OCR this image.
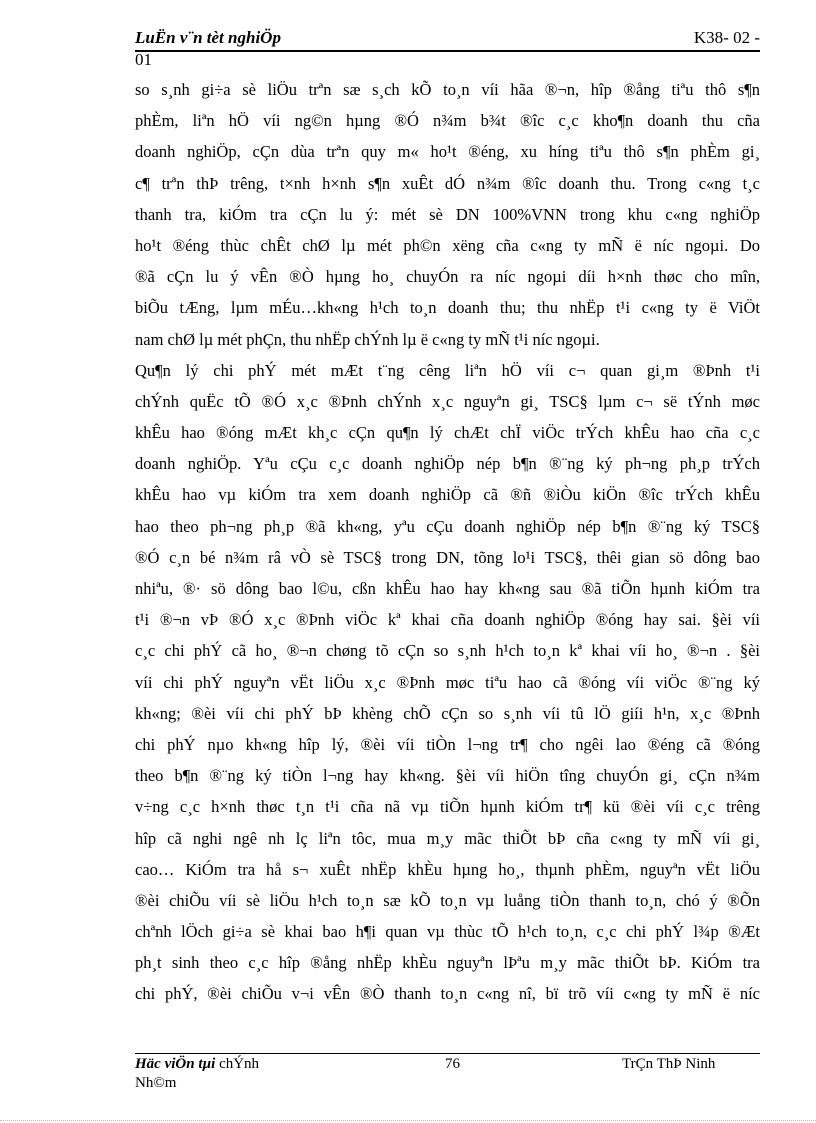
LuËn v¨n tèt nghiÖp	K38- 02 -
01
so s¸nh gi÷a sè liÖu trªn sæ s¸ch kÕ to¸n víi hãa ®¬n, hîp ®ång tiªu thô s¶n
phÈm, liªn hÖ víi ng©n hµng ®Ó n¾m b¾t ®îc c¸c kho¶n doanh thu cña
doanh nghiÖp, cÇn dùa trªn quy m« ho¹t ®éng, xu híng tiªu thô s¶n phÈm gi¸
c¶ trªn thÞ trêng, t×nh h×nh s¶n xuÊt dÓ n¾m ®îc doanh thu. Trong c«ng t¸c
thanh tra, kiÓm tra cÇn lu ý: mét sè DN 100%VNN trong khu c«ng nghiÖp
ho¹t ®éng thùc chÊt chØ lµ mét ph©n xëng cña c«ng ty mÑ ë níc ngoµi. Do
®ã cÇn lu ý vÊn ®Ò hµng ho¸ chuyÓn ra níc ngoµi díi h×nh thøc cho mîn,
biÕu tÆng, lµm mÉu…kh«ng h¹ch to¸n doanh thu; thu nhËp t¹i c«ng ty ë ViÖt
nam chØ lµ mét phÇn, thu nhËp chÝnh lµ ë c«ng ty mÑ t¹i níc ngoµi.
Qu¶n lý chi phÝ mét mÆt t¨ng cêng liªn hÖ víi c¬ quan gi¸m ®Þnh t¹i
chÝnh quËc tÕ ®Ó x¸c ®Þnh chÝnh x¸c nguyªn gi¸ TSC§ lµm c¬ së tÝnh møc
khÊu hao ®óng mÆt kh¸c cÇn qu¶n lý chÆt chÏ viÖc trÝch khÊu hao cña c¸c
doanh nghiÖp. Yªu cÇu c¸c doanh nghiÖp nép b¶n ®¨ng ký ph¬ng ph¸p trÝch
khÊu hao vµ kiÓm tra xem doanh nghiÖp cã ®ñ ®iÒu kiÖn ®îc trÝch khÊu
hao theo ph¬ng ph¸p ®ã kh«ng, yªu cÇu doanh nghiÖp nép b¶n ®¨ng ký TSC§
®Ó c¸n bé n¾m râ vÒ sè TSC§ trong DN, tõng lo¹i TSC§, thêi gian sö dông bao
nhiªu, ®· sö dông bao l©u, cßn khÊu hao hay kh«ng sau ®ã tiÕn hµnh kiÓm tra
t¹i ®¬n vÞ ®Ó x¸c ®Þnh viÖc kª khai cña doanh nghiÖp ®óng hay sai. §èi víi
c¸c chi phÝ cã ho¸ ®¬n chøng tõ cÇn so s¸nh h¹ch to¸n kª khai víi ho¸ ®¬n . §èi
víi chi phÝ nguyªn vËt liÖu x¸c ®Þnh møc tiªu hao cã ®óng víi viÖc ®¨ng ký
kh«ng; ®èi víi chi phÝ bÞ khèng chÕ cÇn so s¸nh víi tû lÖ giíi h¹n, x¸c ®Þnh
chi phÝ nµo kh«ng hîp lý, ®èi víi tiÒn l¬ng tr¶ cho ngêi lao ®éng cã ®óng
theo b¶n ®¨ng ký tiÒn l¬ng hay kh«ng. §èi víi hiÖn tîng chuyÓn gi¸ cÇn n¾m
v÷ng c¸c h×nh thøc t¸n t¹i cña nã vµ tiÕn hµnh kiÓm tr¶ kü ®èi víi c¸c trêng
hîp cã nghi ngê nh lç liªn tôc, mua m¸y mãc thiÕt bÞ cña c«ng ty mÑ víi gi¸
cao… KiÓm tra hå s¬ xuÊt nhËp khÈu hµng ho¸, thµnh phÈm, nguyªn vËt liÖu
®èi chiÕu víi sè liÖu h¹ch to¸n sæ kÕ to¸n vµ luång tiÒn thanh to¸n, chó ý ®Õn
chªnh lÖch gi÷a sè khai bao h¶i quan vµ thùc tÕ h¹ch to¸n, c¸c chi phÝ l¾p ®Æt
ph¸t sinh theo c¸c hîp ®ång nhËp khÈu nguyªn lÞªu m¸y mãc thiÕt bÞ. KiÓm tra
chi phÝ, ®èi chiÕu v¬i vÊn ®Ò thanh to¸n c«ng nî, bï trõ víi c«ng ty mÑ ë níc
Häc viÖn tµi chÝnh
Nh©m
76	TrÇn ThÞ Ninh
